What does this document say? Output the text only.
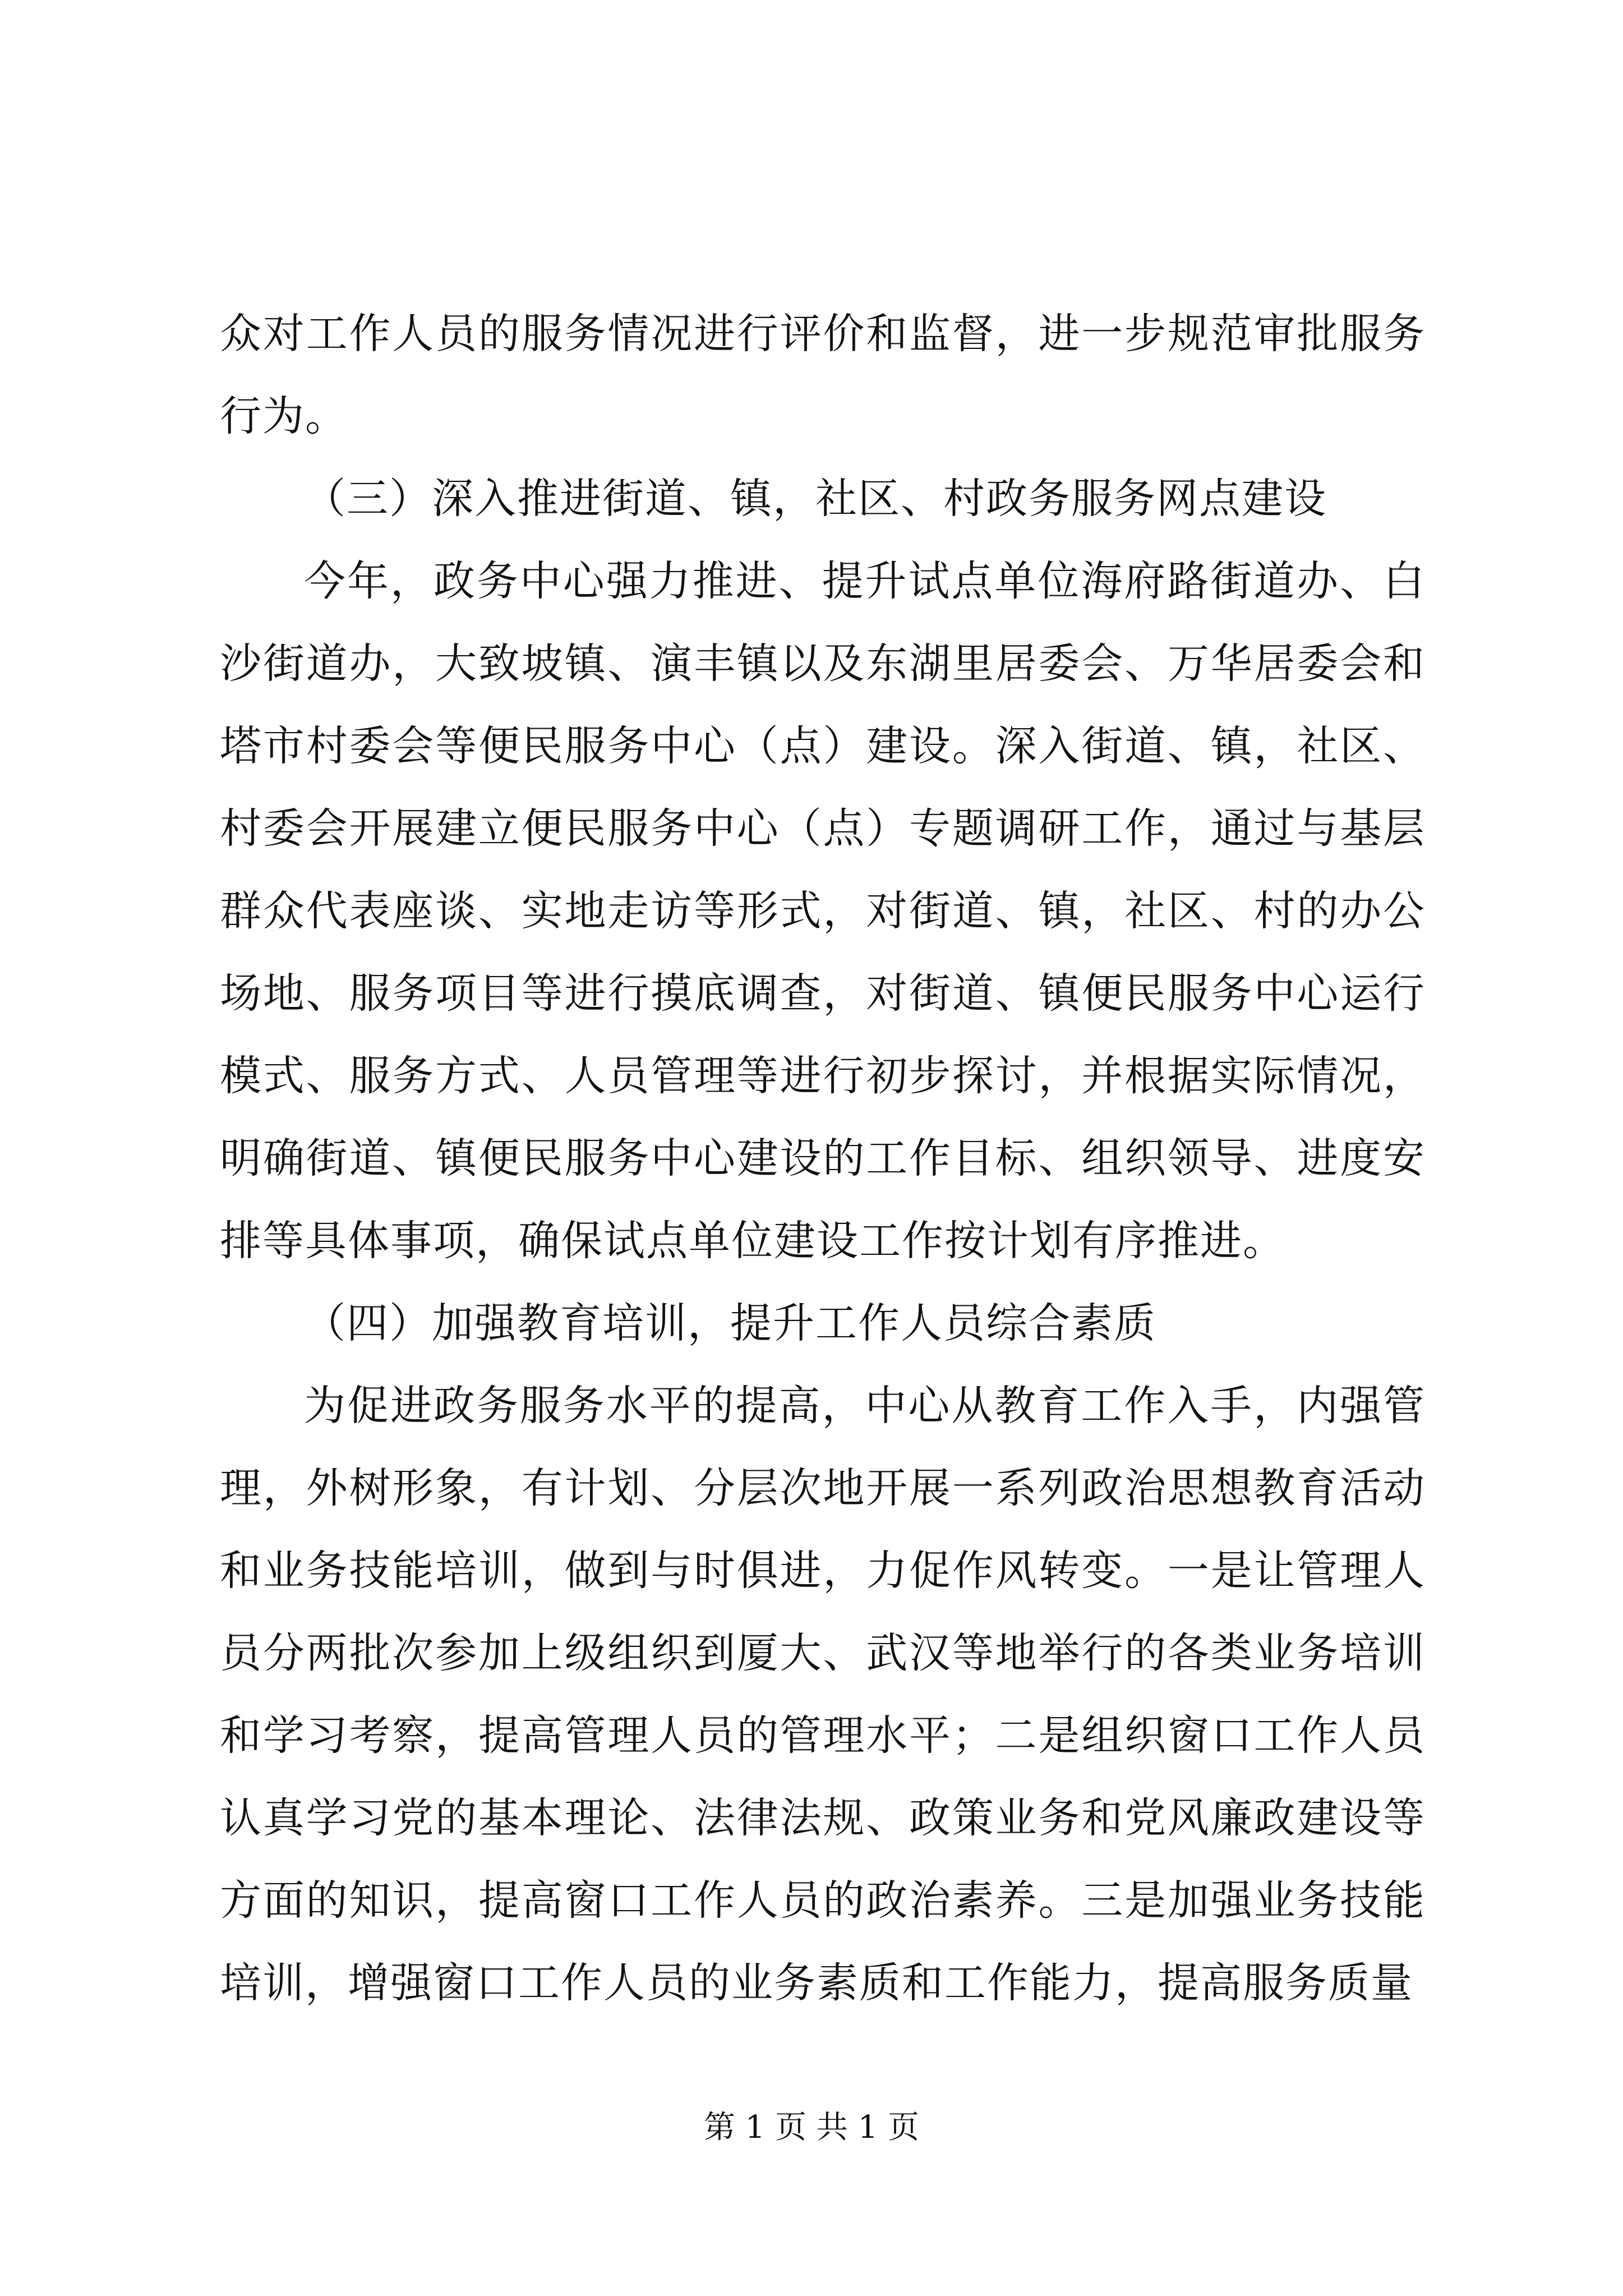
众对工作人员的服务情况进行评价和监督，进一步规范审批服务行为。

（三）深入推进街道、镇，社区、村政务服务网点建设

今年，政务中心强力推进、提升试点单位海府路街道办、白沙街道办，大致坡镇、演丰镇以及东湖里居委会、万华居委会和塔市村委会等便民服务中心（点）建设。深入街道、镇，社区、村委会开展建立便民服务中心（点）专题调研工作，通过与基层群众代表座谈、实地走访等形式，对街道、镇，社区、村的办公场地、服务项目等进行摸底调查，对街道、镇便民服务中心运行模式、服务方式、人员管理等进行初步探讨，并根据实际情况，明确街道、镇便民服务中心建设的工作目标、组织领导、进度安排等具体事项，确保试点单位建设工作按计划有序推进。

（四）加强教育培训，提升工作人员综合素质

为促进政务服务水平的提高，中心从教育工作入手，内强管理，外树形象，有计划、分层次地开展一系列政治思想教育活动和业务技能培训，做到与时俱进，力促作风转变。一是让管理人员分两批次参加上级组织到厦大、武汉等地举行的各类业务培训和学习考察，提高管理人员的管理水平；二是组织窗口工作人员认真学习党的基本理论、法律法规、政策业务和党风廉政建设等方面的知识，提高窗口工作人员的政治素养。三是加强业务技能培训，增强窗口工作人员的业务素质和工作能力，提高服务质量

第 1 页 共 1 页
